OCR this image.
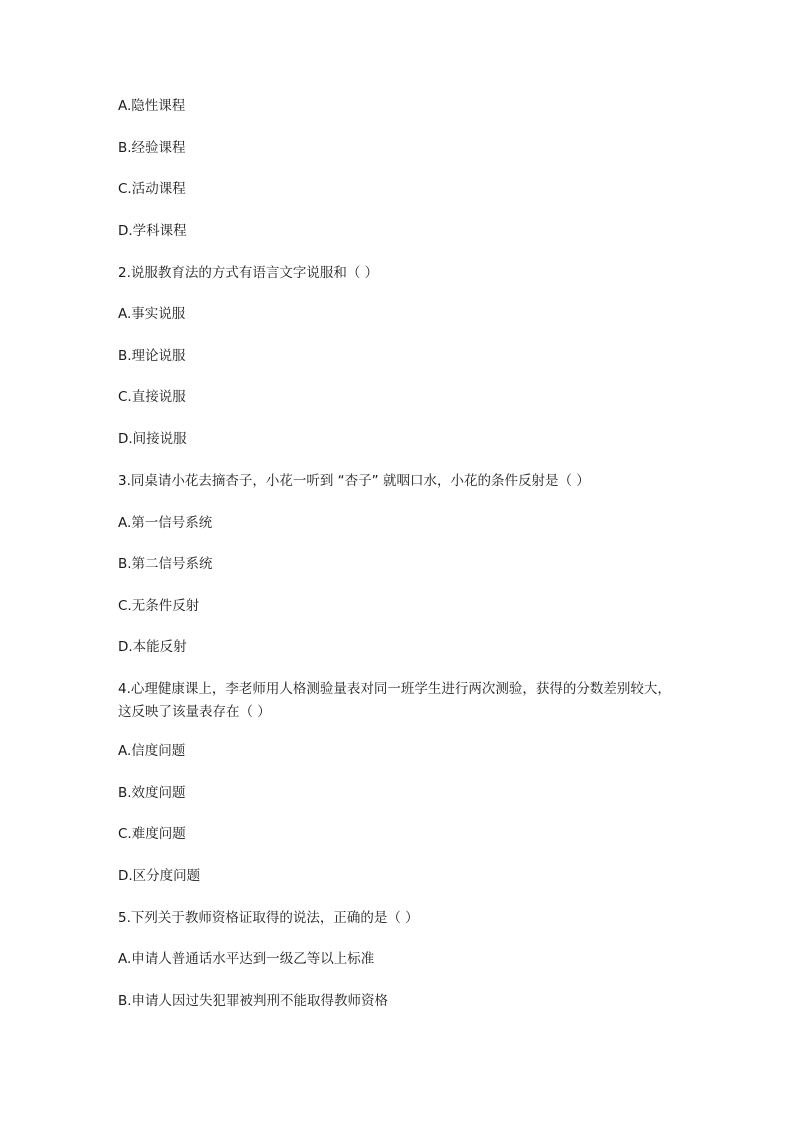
A.隐性课程
B.经验课程
C.活动课程
D.学科课程
2.说服教育法的方式有语言文字说服和（ ）
A.事实说服
B.理论说服
C.直接说服
D.间接说服
3.同桌请小花去摘杏子，小花一听到 “杏子” 就咽口水，小花的条件反射是（ ）
A.第一信号系统
B.第二信号系统
C.无条件反射
D.本能反射
4.心理健康课上，李老师用人格测验量表对同一班学生进行两次测验，获得的分数差别较大，这反映了该量表存在（ ）
A.信度问题
B.效度问题
C.难度问题
D.区分度问题
5.下列关于教师资格证取得的说法，正确的是（ ）
A.申请人普通话水平达到一级乙等以上标准
B.申请人因过失犯罪被判刑不能取得教师资格
